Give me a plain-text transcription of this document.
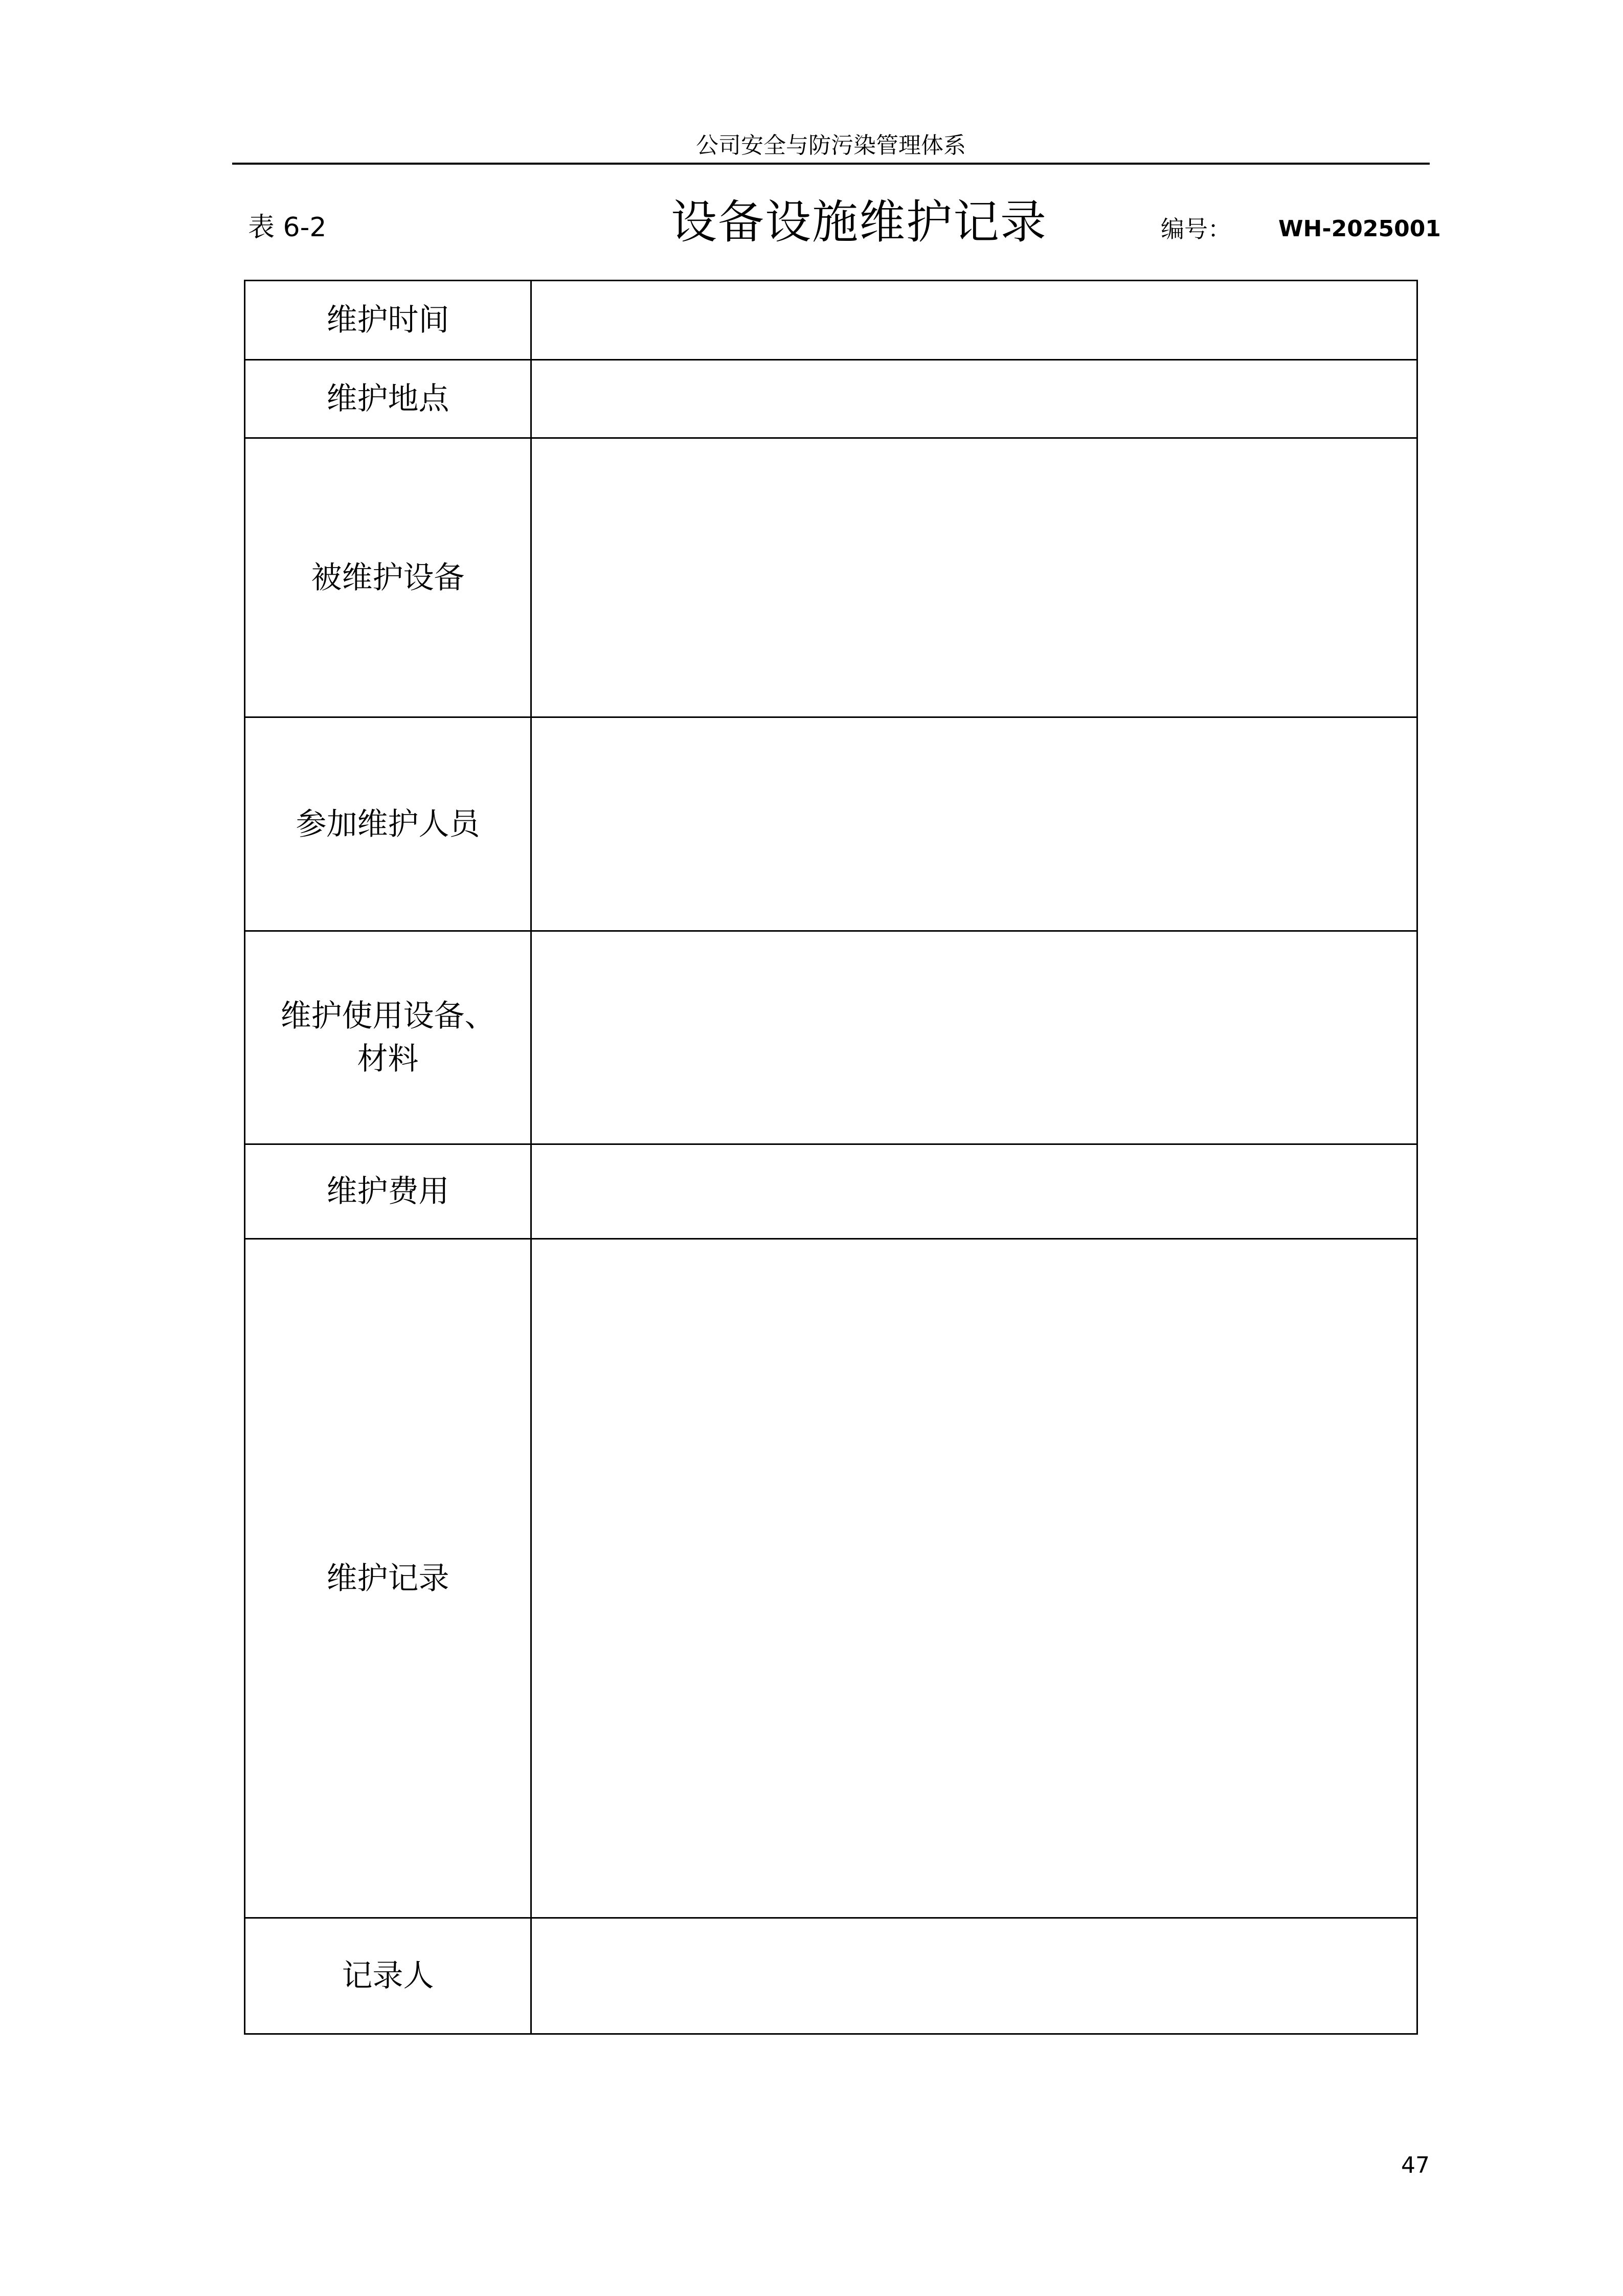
公司安全与防污染管理体系
表 6-2	设备设施维护记录	编号： WH-2025001
维护时间	
维护地点	
被维护设备	
参加维护人员	

维护使用设备、
材料	

维护费用	
维护记录	
记录人	
47
